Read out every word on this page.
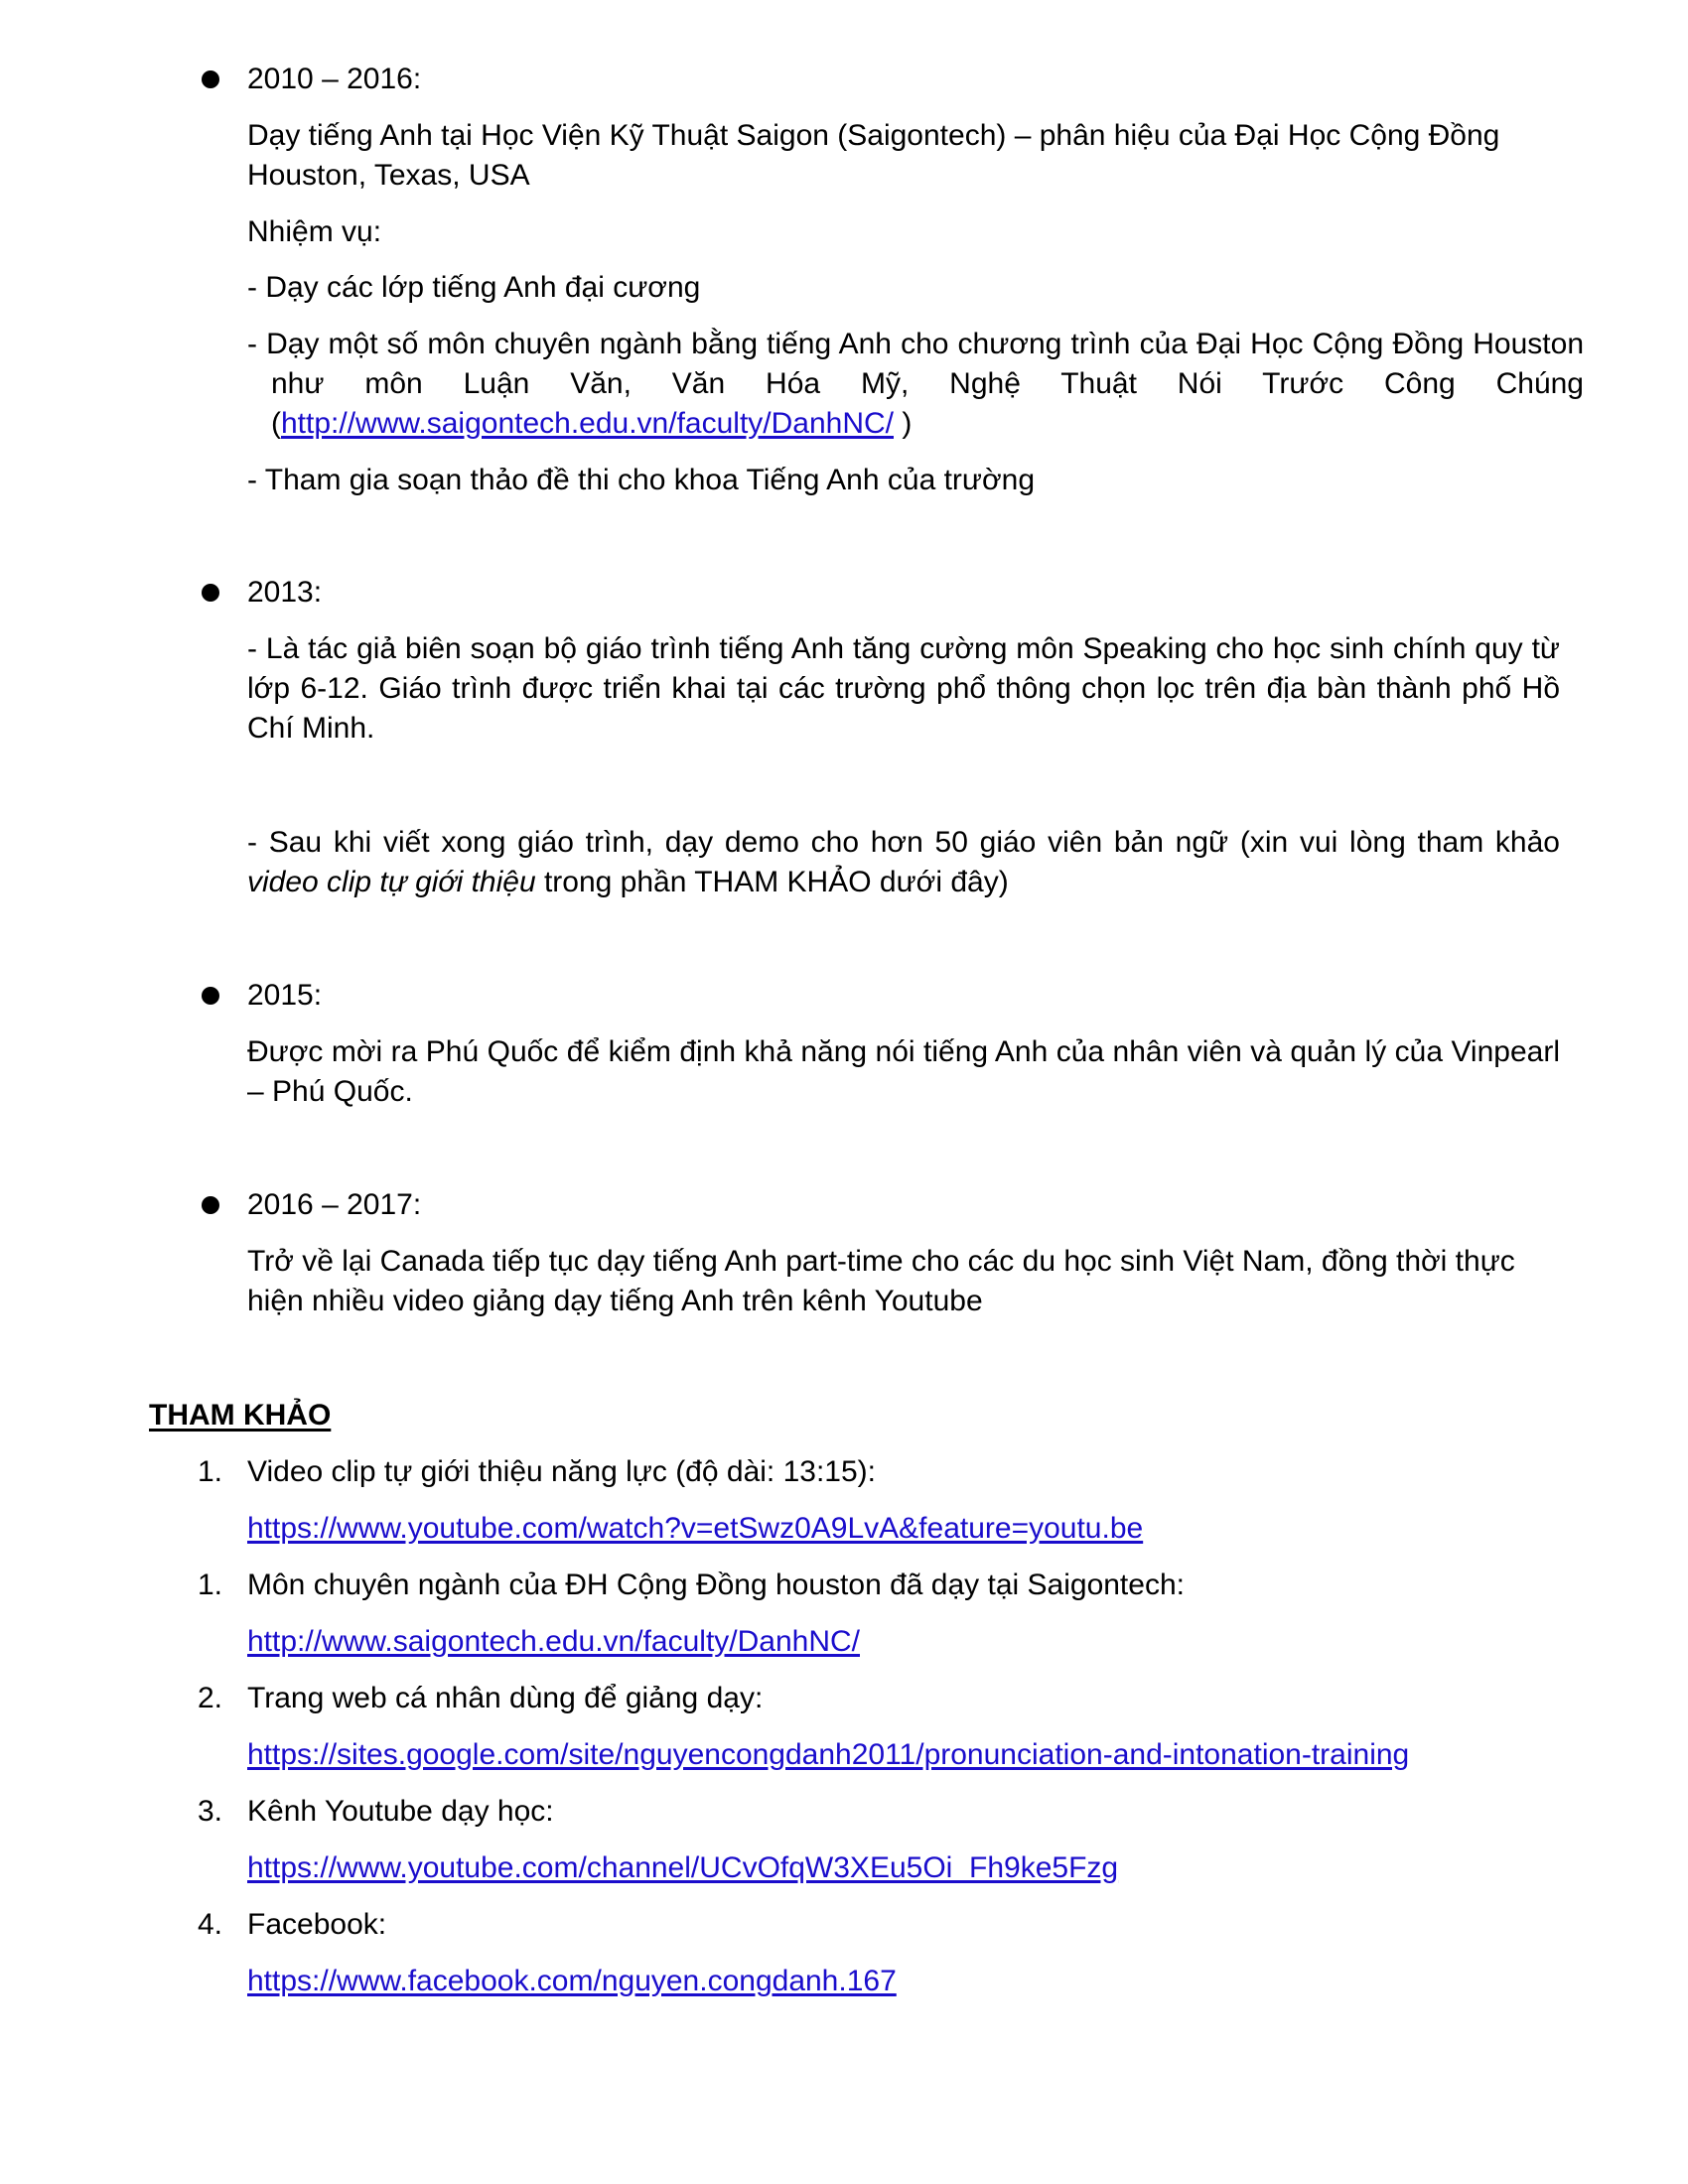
2010 – 2016:
Dạy tiếng Anh tại Học Viện Kỹ Thuật Saigon (Saigontech) – phân hiệu của Đại Học Cộng Đồng Houston, Texas, USA
Nhiệm vụ:
- Dạy các lớp tiếng Anh đại cương
- Dạy một số môn chuyên ngành bằng tiếng Anh cho chương trình của Đại Học Cộng Đồng Houston như môn Luận Văn, Văn Hóa Mỹ, Nghệ Thuật Nói Trước Công Chúng (http://www.saigontech.edu.vn/faculty/DanhNC/ )
- Tham gia soạn thảo đề thi cho khoa Tiếng Anh của trường
2013:
- Là tác giả biên soạn bộ giáo trình tiếng Anh tăng cường môn Speaking cho học sinh chính quy từ lớp 6-12. Giáo trình được triển khai tại các trường phổ thông chọn lọc trên địa bàn thành phố Hồ Chí Minh.
- Sau khi viết xong giáo trình, dạy demo cho hơn 50 giáo viên bản ngữ (xin vui lòng tham khảo video clip tự giới thiệu trong phần THAM KHẢO dưới đây)
2015:
Được mời ra Phú Quốc để kiểm định khả năng nói tiếng Anh của nhân viên và quản lý của Vinpearl – Phú Quốc.
2016 – 2017:
Trở về lại Canada tiếp tục dạy tiếng Anh part-time cho các du học sinh Việt Nam, đồng thời thực hiện nhiều video giảng dạy tiếng Anh trên kênh Youtube
THAM KHẢO
1. Video clip tự giới thiệu năng lực (độ dài: 13:15):
https://www.youtube.com/watch?v=etSwz0A9LvA&feature=youtu.be
1. Môn chuyên ngành của ĐH Cộng Đồng houston đã dạy tại Saigontech:
http://www.saigontech.edu.vn/faculty/DanhNC/
2. Trang web cá nhân dùng để giảng dạy:
https://sites.google.com/site/nguyencongdanh2011/pronunciation-and-intonation-training
3. Kênh Youtube dạy học:
https://www.youtube.com/channel/UCvOfqW3XEu5Oi_Fh9ke5Fzg
4. Facebook:
https://www.facebook.com/nguyen.congdanh.167
